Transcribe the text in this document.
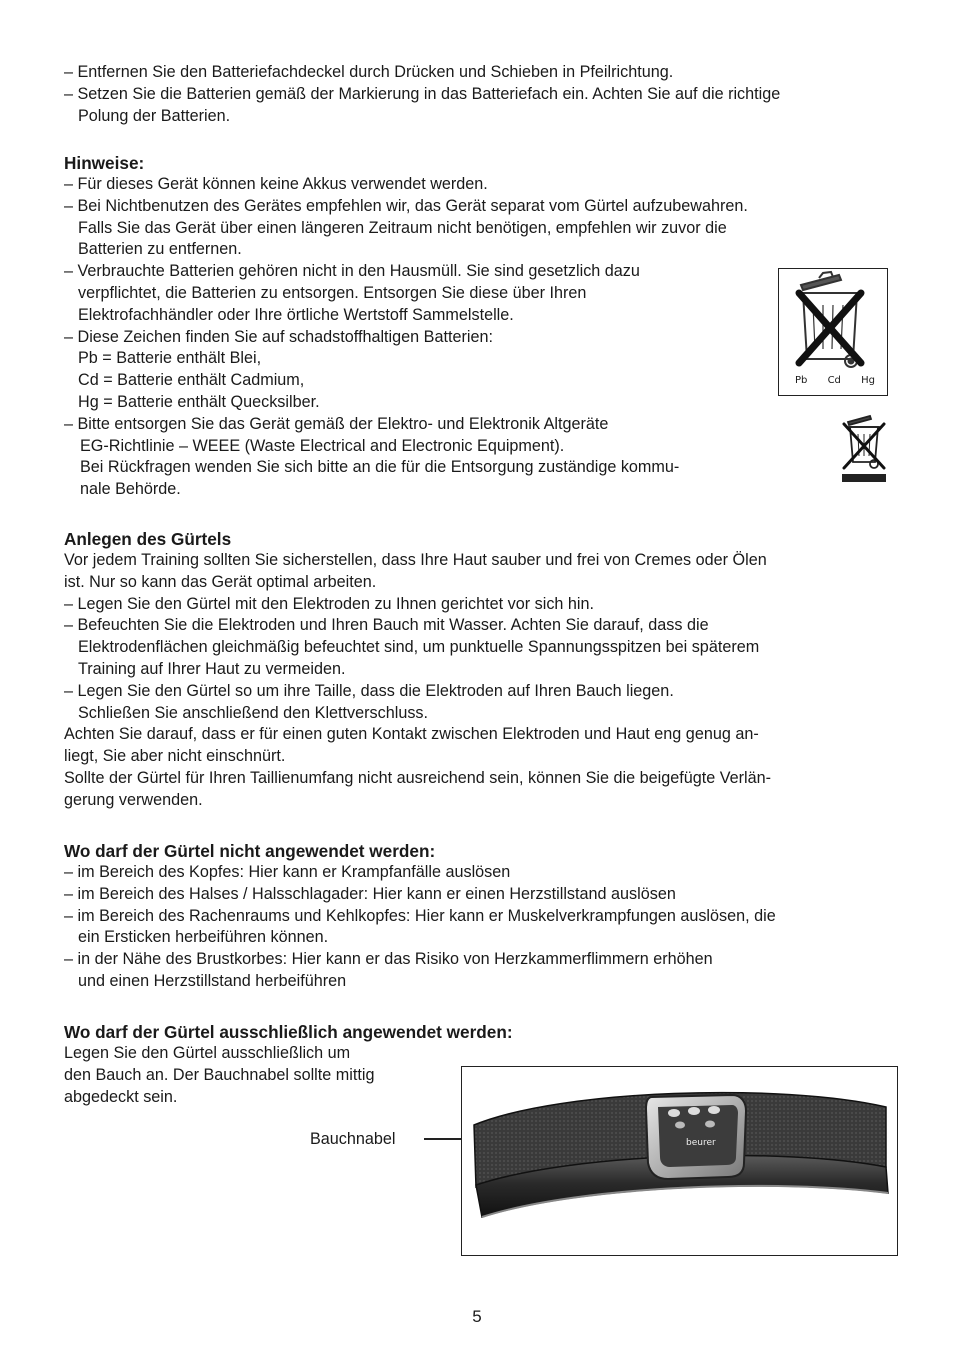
– Entfernen Sie den Batteriefachdeckel durch Drücken und Schieben in Pfeilrichtung.
– Setzen Sie die Batterien gemäß der Markierung in das Batteriefach ein. Achten Sie auf die richtige
Polung der Batterien.
Hinweise:
– Für dieses Gerät können keine Akkus verwendet werden.
– Bei Nichtbenutzen des Gerätes empfehlen wir, das Gerät separat vom Gürtel aufzubewahren.
Falls Sie das Gerät über einen längeren Zeitraum nicht benötigen, empfehlen wir zuvor die
Batterien zu entfernen.
– Verbrauchte Batterien gehören nicht in den Hausmüll. Sie sind gesetzlich dazu
verpflichtet, die Batterien zu entsorgen. Entsorgen Sie diese über Ihren
Elektrofachhändler oder Ihre örtliche Wertstoff Sammelstelle.
– Diese Zeichen finden Sie auf schadstoffhaltigen Batterien:
Pb = Batterie enthält Blei,
Cd = Batterie enthält Cadmium,
Hg = Batterie enthält Quecksilber.
– Bitte entsorgen Sie das Gerät gemäß der Elektro- und Elektronik Altgeräte
EG-Richtlinie – WEEE (Waste Electrical and Electronic Equipment).
Bei Rückfragen wenden Sie sich bitte an die für die Entsorgung zuständige kommu-
nale Behörde.
Pb Cd Hg
Anlegen des Gürtels
Vor jedem Training sollten Sie sicherstellen, dass Ihre Haut sauber und frei von Cremes oder Ölen
ist. Nur so kann das Gerät optimal arbeiten.
– Legen Sie den Gürtel mit den Elektroden zu Ihnen gerichtet vor sich hin.
– Befeuchten Sie die Elektroden und Ihren Bauch mit Wasser. Achten Sie darauf, dass die
Elektrodenflächen gleichmäßig befeuchtet sind, um punktuelle Spannungsspitzen bei späterem
Training auf Ihrer Haut zu vermeiden.
– Legen Sie den Gürtel so um ihre Taille, dass die Elektroden auf Ihren Bauch liegen.
Schließen Sie anschließend den Klettverschluss.
Achten Sie darauf, dass er für einen guten Kontakt zwischen Elektroden und Haut eng genug an-
liegt, Sie aber nicht einschnürt.
Sollte der Gürtel für Ihren Taillienumfang nicht ausreichend sein, können Sie die beigefügte Verlän-
gerung verwenden.
Wo darf der Gürtel nicht angewendet werden:
– im Bereich des Kopfes: Hier kann er Krampfanfälle auslösen
– im Bereich des Halses / Halsschlagader: Hier kann er einen Herzstillstand auslösen
– im Bereich des Rachenraums und Kehlkopfes: Hier kann er Muskelverkrampfungen auslösen, die
ein Ersticken herbeiführen können.
– in der Nähe des Brustkorbes: Hier kann er das Risiko von Herzkammerflimmern erhöhen
und einen Herzstillstand herbeiführen
Wo darf der Gürtel ausschließlich angewendet werden:
Legen Sie den Gürtel ausschließlich um
den Bauch an. Der Bauchnabel sollte mittig
abgedeckt sein.
Bauchnabel	beurer
5
